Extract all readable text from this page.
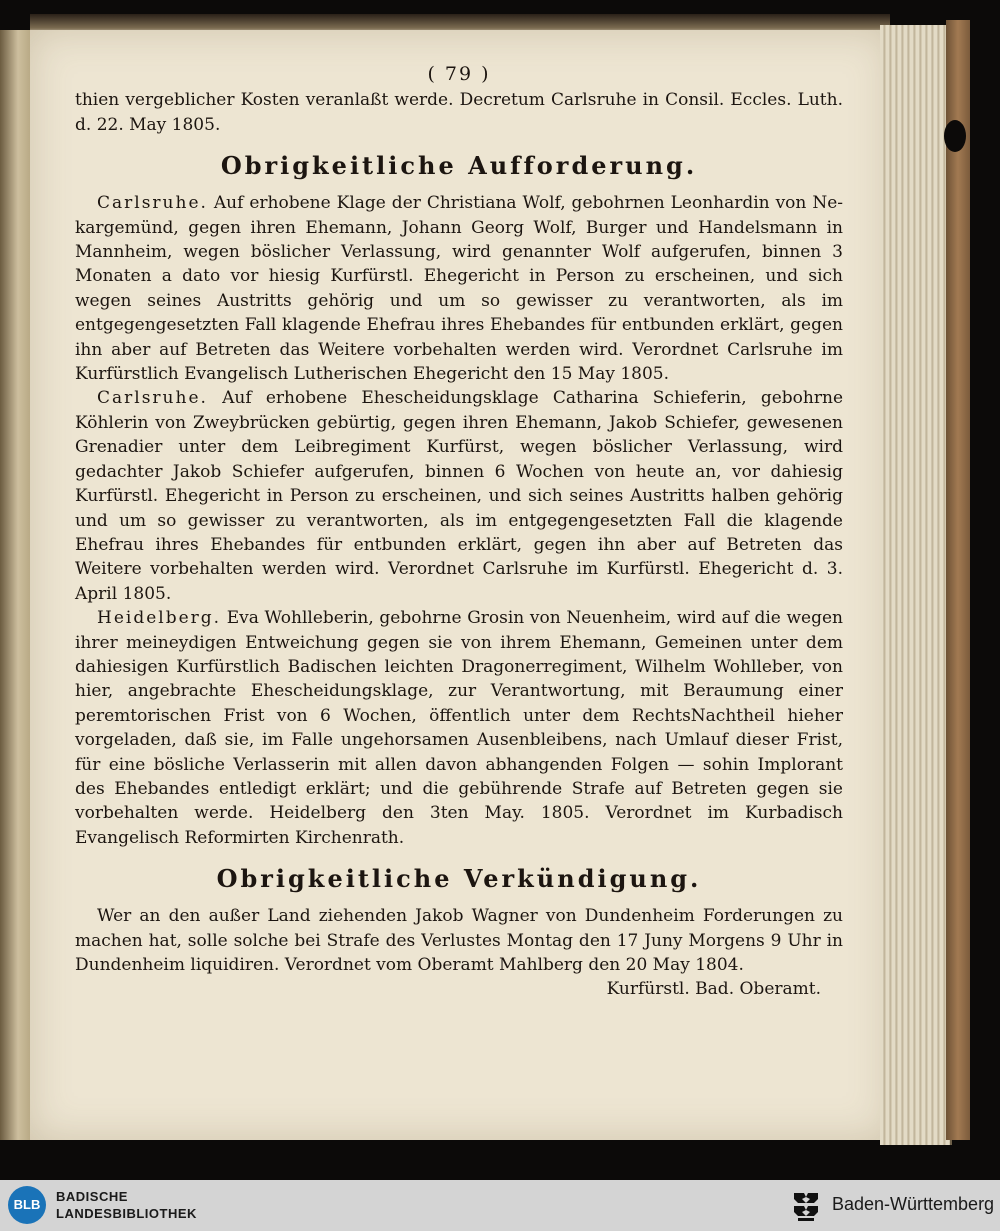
( 79 )

thien vergeblicher Kosten veranlaßt werde. Decretum Carlsruhe in Consil. Eccles. Luth. d. 22. May 1805.

Obrigkeitliche Aufforderung.

Carlsruhe. Auf erhobene Klage der Christiana Wolf, gebohrnen Leonhardin von Ne-kargemünd, gegen ihren Ehemann, Johann Georg Wolf, Burger und Handelsmann in Mannheim, wegen böslicher Verlassung, wird genannter Wolf aufgerufen, binnen 3 Monaten a dato vor hiesig Kurfürstl. Ehegericht in Person zu erscheinen, und sich wegen seines Austritts gehörig und um so gewisser zu verantworten, als im entgegengesetzten Fall klagende Ehefrau ihres Ehebandes für entbunden erklärt, gegen ihn aber auf Betreten das Weitere vorbehalten werden wird. Verordnet Carlsruhe im Kurfürstlich Evangelisch Lutherischen Ehegericht den 15 May 1805.

Carlsruhe. Auf erhobene Ehescheidungsklage Catharina Schieferin, gebohrne Köhlerin von Zweybrücken gebürtig, gegen ihren Ehemann, Jakob Schiefer, gewesenen Grenadier unter dem Leibregiment Kurfürst, wegen böslicher Verlassung, wird gedachter Jakob Schiefer aufgerufen, binnen 6 Wochen von heute an, vor dahiesig Kurfürstl. Ehegericht in Person zu erscheinen, und sich seines Austritts halben gehörig und um so gewisser zu verantworten, als im entgegengesetzten Fall die klagende Ehefrau ihres Ehebandes für entbunden erklärt, gegen ihn aber auf Betreten das Weitere vorbehalten werden wird. Verordnet Carlsruhe im Kurfürstl. Ehegericht d. 3. April 1805.

Heidelberg. Eva Wohlleberin, gebohrne Grosin von Neuenheim, wird auf die wegen ihrer meineydigen Entweichung gegen sie von ihrem Ehemann, Gemeinen unter dem dahiesigen Kurfürstlich Badischen leichten Dragonerregiment, Wilhelm Wohlleber, von hier, angebrachte Ehescheidungsklage, zur Verantwortung, mit Beraumung einer peremtorischen Frist von 6 Wochen, öffentlich unter dem RechtsNachtheil hieher vorgeladen, daß sie, im Falle ungehorsamen Ausenbleibens, nach Umlauf dieser Frist, für eine bösliche Verlasserin mit allen davon abhangenden Folgen — sohin Implorant des Ehebandes entledigt erklärt; und die gebührende Strafe auf Betreten gegen sie vorbehalten werde. Heidelberg den 3ten May. 1805. Verordnet im Kurbadisch Evangelisch Reformirten Kirchenrath.

Obrigkeitliche Verkündigung.

Wer an den außer Land ziehenden Jakob Wagner von Dundenheim Forderungen zu machen hat, solle solche bei Strafe des Verlustes Montag den 17 Juny Morgens 9 Uhr in Dundenheim liquidiren. Verordnet vom Oberamt Mahlberg den 20 May 1804.

Kurfürstl. Bad. Oberamt.
BLB
BADISCHE
LANDESBIBLIOTHEK	Baden-Württemberg
